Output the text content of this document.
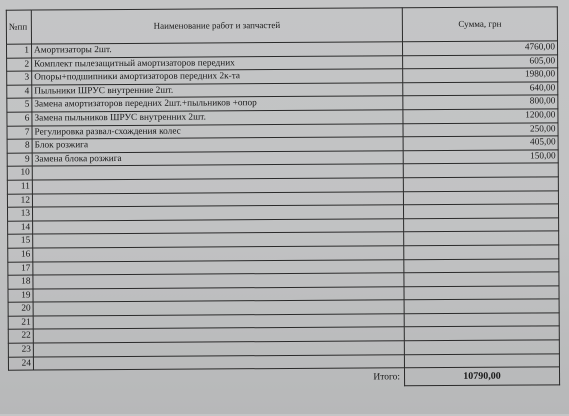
№пп	Наименование работ и запчастей	Сумма, грн
1	Амортизаторы 2шт.	4760,00
2	Комплект пылезащитный амортизаторов передних	605,00
3	Опоры+подшипники амортизаторов передних 2к-та	1980,00
4	Пыльники ШРУС внутренние 2шт.	640,00
5	Замена амортизаторов передних 2шт.+пыльников +опор	800,00
6	Замена пыльников ШРУС внутренних 2шт.	1200,00
7	Регулировка развал-схождения колес	250,00
8	Блок розжига	405,00
9	Замена блока розжига	150,00
10		
11		
12		
13		
14		
15		
16		
17		
18		
19		
20		
21		
22		
23		
24		
	Итого:	10790,00
